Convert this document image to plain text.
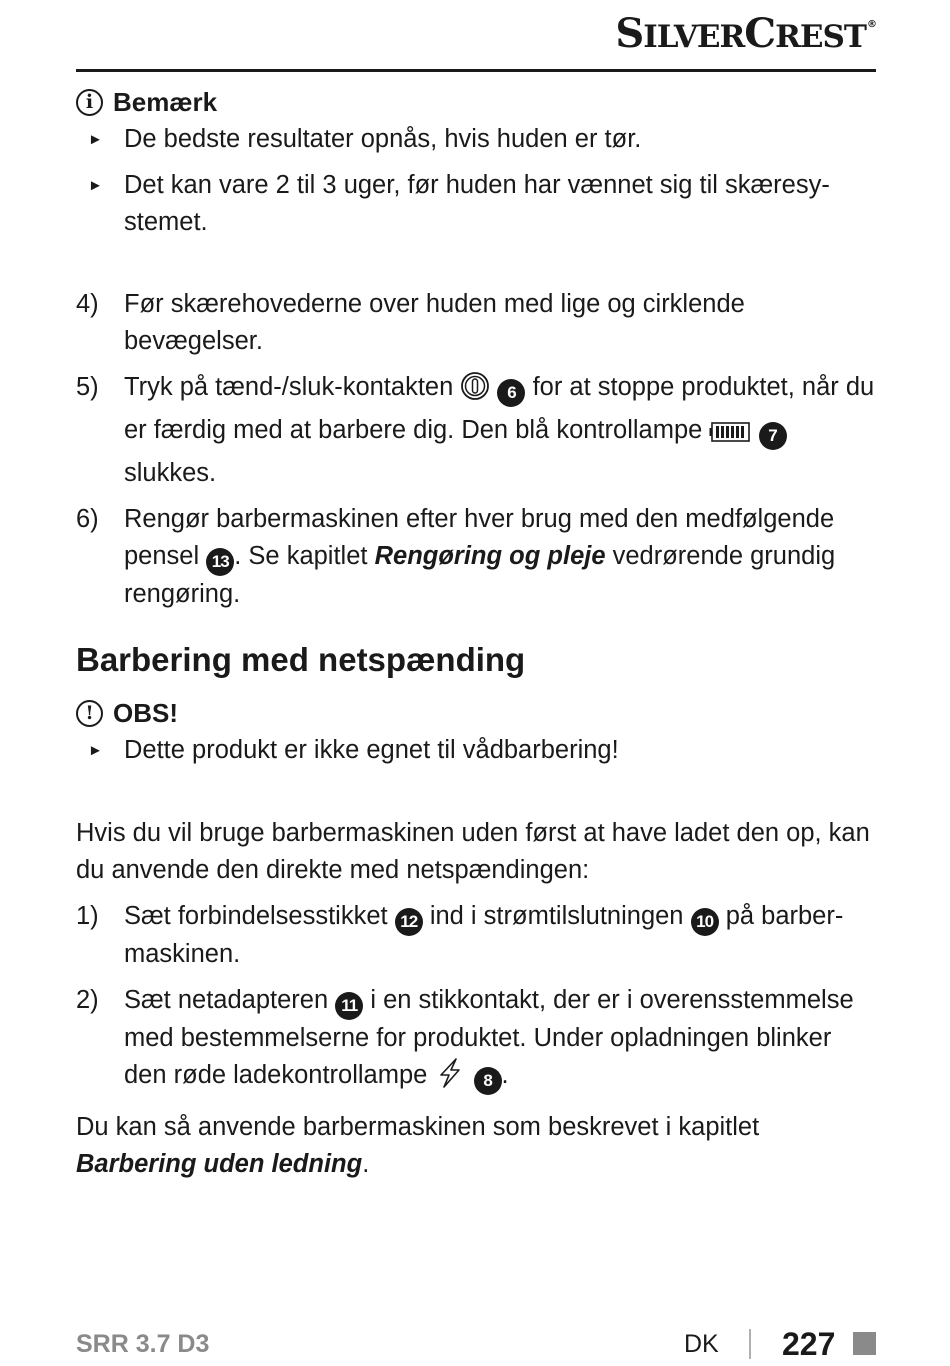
SILVERCREST®
i Bemærk
► De bedste resultater opnås, hvis huden er tør.
► Det kan vare 2 til 3 uger, før huden har vænnet sig til skæresy-stemet.
4) Før skærehovederne over huden med lige og cirklende bevægelser.
5) Tryk på tænd-/sluk-kontakten	6 for at stoppe produktet, når du er færdig med at barbere dig. Den blå kontrollampe	7 slukkes.
6) Rengør barbermaskinen efter hver brug med den medfølgende pensel 13 . Se kapitlet Rengøring og pleje vedrørende grundig rengøring.
Barbering med netspænding
! OBS!
► Dette produkt er ikke egnet til vådbarbering!
Hvis du vil bruge barbermaskinen uden først at have ladet den op, kan du anvende den direkte med netspændingen:
1) Sæt forbindelsesstikket 12 ind i strømtilslutningen 10 på barber-maskinen.
2) Sæt netadapteren 11 i en stikkontakt, der er i overensstemmelse med bestemmelserne for produktet. Under opladningen blinker den røde ladekontrollampe	8 .
Du kan så anvende barbermaskinen som beskrevet i kapitlet
Barbering uden ledning.
SRR 3.7 D3	DK 227
